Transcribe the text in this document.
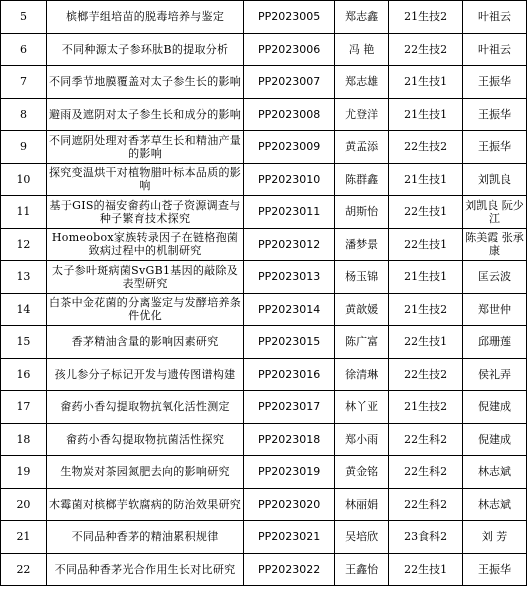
5	槟榔芋组培苗的脱毒培养与鉴定	PP2023005	郑志鑫	21生技2	叶祖云
6	不同种源太子参环肽B的提取分析	PP2023006	冯 艳	22生技2	叶祖云
7	不同季节地膜覆盖对太子参生长的影响	PP2023007	郑志雄	21生技1	王振华
8	避雨及遮阴对太子参生长和成分的影响	PP2023008	尤登洋	21生技1	王振华
9	不同遮阴处理对香茅草生长和精油产量的影响	PP2023009	黄孟添	22生技2	王振华
10	探究变温烘干对植物腊叶标本品质的影响	PP2023010	陈群鑫	21生技1	刘凯良
11	基于GIS的福安畲药山苍子资源调查与种子繁育技术探究	PP2023011	胡斯怡	22生技1	刘凯良 阮少江
12	Homeobox家族转录因子在链格孢菌致病过程中的机制研究	PP2023012	潘梦景	22生技1	陈美霞 张承康
13	太子参叶斑病菌SvGB1基因的敲除及表型研究	PP2023013	杨玉锦	21生技1	匡云波
14	白茶中金花菌的分离鉴定与发酵培养条件优化	PP2023014	黄歆媛	21生技2	郑世仲
15	香茅精油含量的影响因素研究	PP2023015	陈广富	22生技1	邱珊莲
16	孩儿参分子标记开发与遗传图谱构建	PP2023016	徐清琳	22生技2	侯礼弄
17	畲药小香勾提取物抗氧化活性测定	PP2023017	林丫亚	21生技2	倪建成
18	畲药小香勾提取物抗菌活性探究	PP2023018	郑小雨	22生科2	倪建成
19	生物炭对茶园氮肥去向的影响研究	PP2023019	黄金铭	22生科2	林志斌
20	木霉菌对槟榔芋软腐病的防治效果研究	PP2023020	林丽娟	22生科2	林志斌
21	不同品种香茅的精油累积规律	PP2023021	吴培欣	23食科2	刘 芳
22	不同品种香茅光合作用生长对比研究	PP2023022	王鑫怡	22生技1	王振华
